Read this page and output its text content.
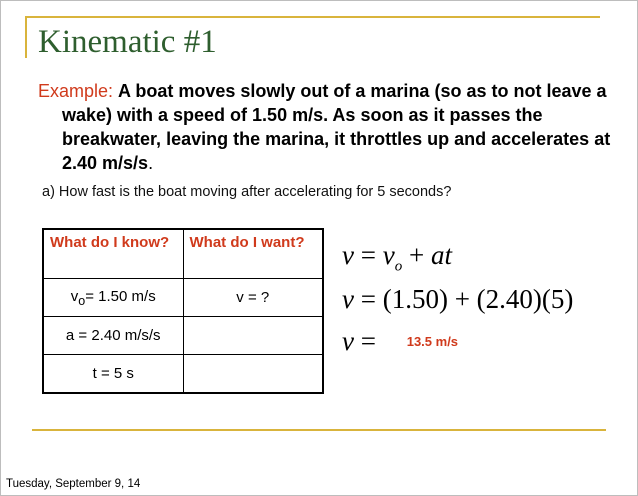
Kinematic #1

Example: A boat moves slowly out of a marina (so as to not leave a wake) with a speed of 1.50 m/s. As soon as it passes the breakwater, leaving the marina, it throttles up and accelerates at 2.40 m/s/s.

a) How fast is the boat moving after accelerating for 5 seconds?

What do I know?	What do I want?
$v_o= 1.50$ m/s	v = ?
a = 2.40 m/s/s	
t = 5 s	
$v = v_o$ + at
v = (1.50) + (2.40)(5)
v = 13.5 m/s

Tuesday, September 9, 14
